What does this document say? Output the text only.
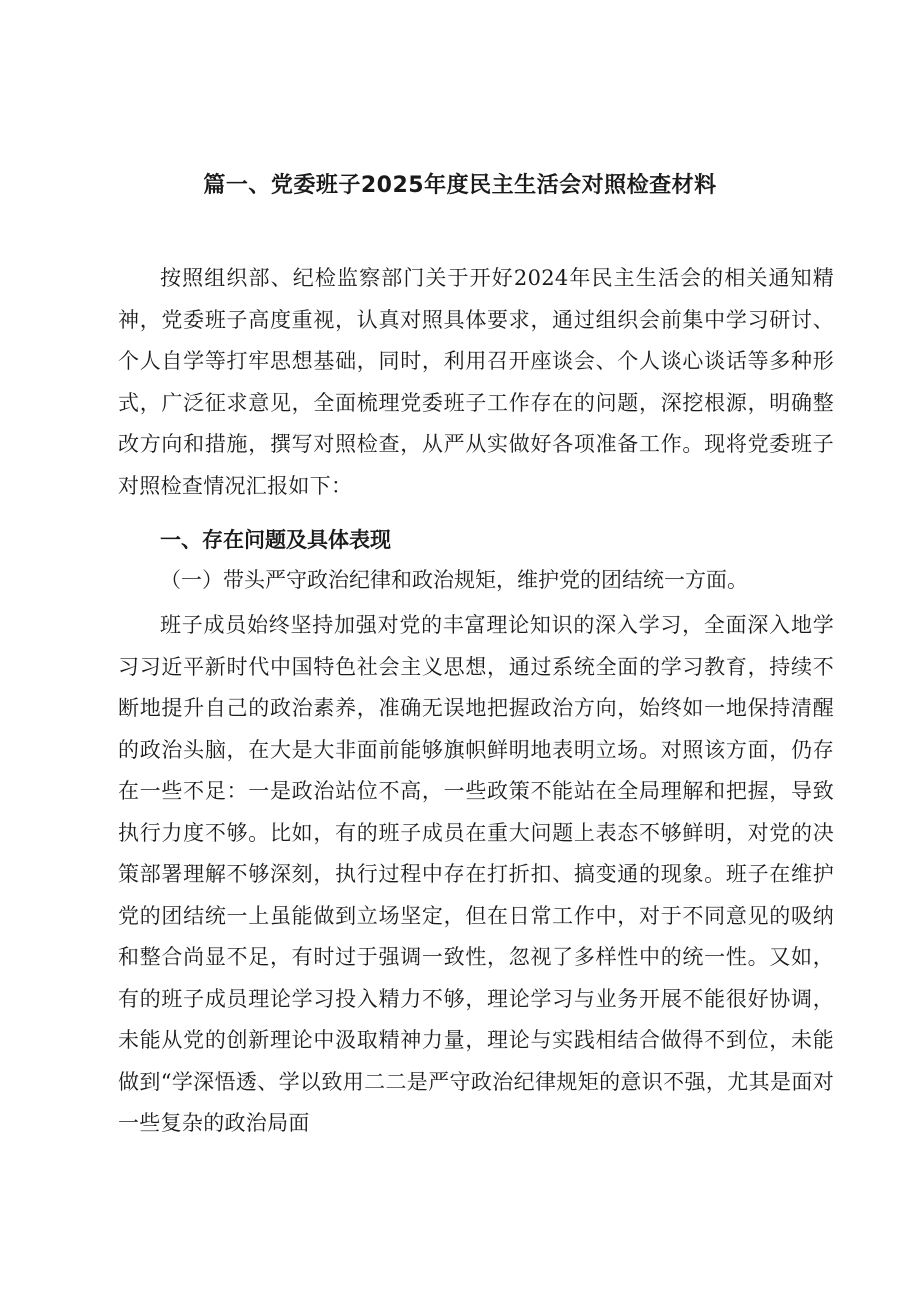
篇一、党委班子2025年度民主生活会对照检查材料

按照组织部、纪检监察部门关于开好2024年民主生活会的相关通知精神，党委班子高度重视，认真对照具体要求，通过组织会前集中学习研讨、个人自学等打牢思想基础，同时，利用召开座谈会、个人谈心谈话等多种形式，广泛征求意见，全面梳理党委班子工作存在的问题，深挖根源，明确整改方向和措施，撰写对照检查，从严从实做好各项准备工作。现将党委班子对照检查情况汇报如下：

一、存在问题及具体表现
（一）带头严守政治纪律和政治规矩，维护党的团结统一方面。

班子成员始终坚持加强对党的丰富理论知识的深入学习，全面深入地学习习近平新时代中国特色社会主义思想，通过系统全面的学习教育，持续不断地提升自己的政治素养，准确无误地把握政治方向，始终如一地保持清醒的政治头脑，在大是大非面前能够旗帜鲜明地表明立场。对照该方面，仍存在一些不足：一是政治站位不高，一些政策不能站在全局理解和把握，导致执行力度不够。比如，有的班子成员在重大问题上表态不够鲜明，对党的决策部署理解不够深刻，执行过程中存在打折扣、搞变通的现象。班子在维护党的团结统一上虽能做到立场坚定，但在日常工作中，对于不同意见的吸纳和整合尚显不足，有时过于强调一致性，忽视了多样性中的统一性。又如，有的班子成员理论学习投入精力不够，理论学习与业务开展不能很好协调，未能从党的创新理论中汲取精神力量，理论与实践相结合做得不到位，未能做到“学深悟透、学以致用二二是严守政治纪律规矩的意识不强，尤其是面对一些复杂的政治局面
